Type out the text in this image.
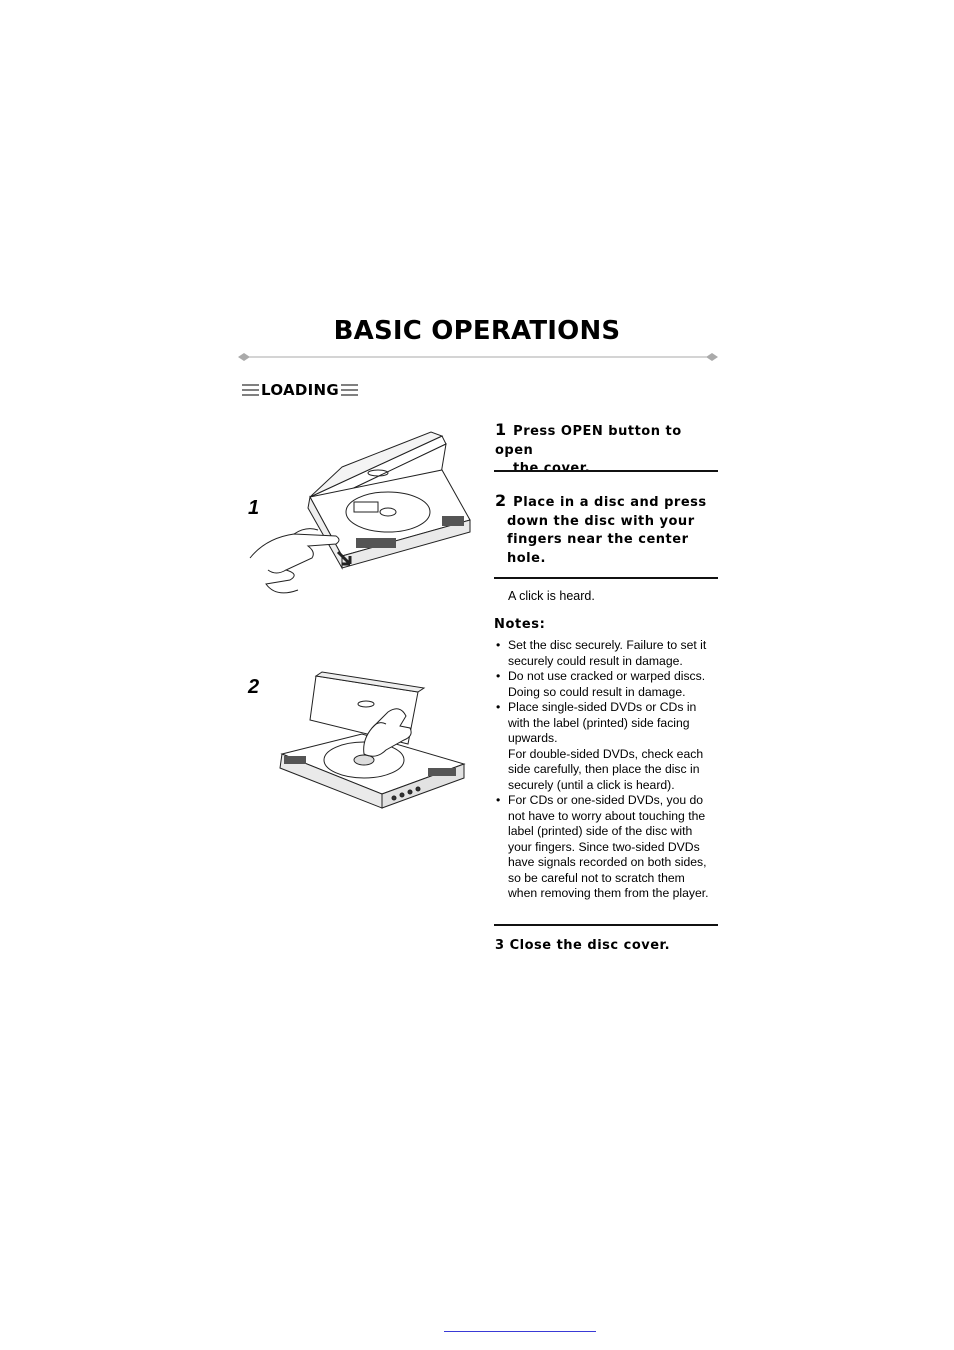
BASIC OPERATIONS
LOADING
1
2
1 Press OPEN button to open
the cover.
2 Place in a disc and press
down the disc with your
fingers near the center
hole.
A click is heard.
Notes:
• Set the disc securely. Failure to set it
securely could result in damage.
• Do not use cracked or warped discs.
Doing so could result in damage.
• Place single-sided DVDs or CDs in
with the label (printed) side facing
upwards.
For double-sided DVDs, check each
side carefully, then place the disc in
securely (until a click is heard).
• For CDs or one-sided DVDs, you do
not have to worry about touching the
label (printed) side of the disc with
your fingers. Since two-sided DVDs
have signals recorded on both sides,
so be careful not to scratch them
when removing them from the player.
3 Close the disc cover.
